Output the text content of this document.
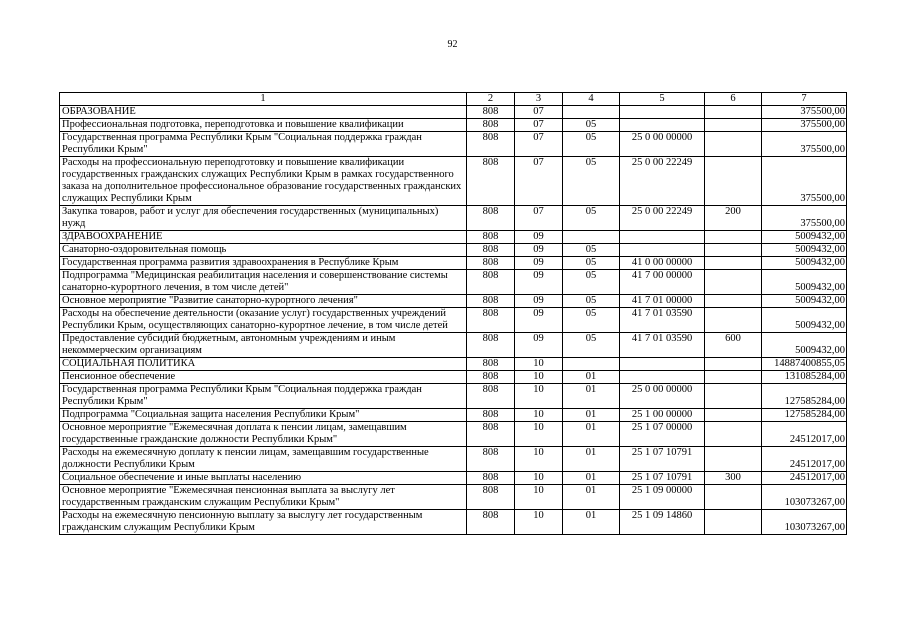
92
1	2	3	4	5	6	7
ОБРАЗОВАНИЕ	808	07				375500,00
Профессиональная подготовка, переподготовка и повышение квалификации	808	07	05			375500,00
Государственная программа Республики Крым "Социальная поддержка граждан Республики Крым"	808	07	05	25 0 00 00000		375500,00
Расходы на профессиональную переподготовку и повышение квалификации государственных гражданских служащих Республики Крым в рамках государственного заказа на дополнительное профессиональное образование государственных гражданских служащих Республики Крым	808	07	05	25 0 00 22249		375500,00
Закупка товаров, работ и услуг для обеспечения государственных (муниципальных) нужд	808	07	05	25 0 00 22249	200	375500,00
ЗДРАВООХРАНЕНИЕ	808	09				5009432,00
Санаторно-оздоровительная помощь	808	09	05			5009432,00
Государственная программа развития здравоохранения в Республике Крым	808	09	05	41 0 00 00000		5009432,00
Подпрограмма "Медицинская реабилитация населения и совершенствование системы санаторно-курортного лечения, в том числе детей"	808	09	05	41 7 00 00000		5009432,00
Основное мероприятие "Развитие санаторно-курортного лечения"	808	09	05	41 7 01 00000		5009432,00
Расходы на обеспечение деятельности (оказание услуг) государственных учреждений Республики Крым, осуществляющих санаторно-курортное лечение, в том числе детей	808	09	05	41 7 01 03590		5009432,00
Предоставление субсидий бюджетным, автономным учреждениям и иным некоммерческим организациям	808	09	05	41 7 01 03590	600	5009432,00
СОЦИАЛЬНАЯ ПОЛИТИКА	808	10				14887400855,05
Пенсионное обеспечение	808	10	01			131085284,00
Государственная программа Республики Крым "Социальная поддержка граждан Республики Крым"	808	10	01	25 0 00 00000		127585284,00
Подпрограмма "Социальная защита населения Республики Крым"	808	10	01	25 1 00 00000		127585284,00
Основное мероприятие "Ежемесячная доплата к пенсии лицам, замещавшим государственные гражданские должности Республики Крым"	808	10	01	25 1 07 00000		24512017,00
Расходы на ежемесячную доплату к пенсии лицам, замещавшим государственные должности Республики Крым	808	10	01	25 1 07 10791		24512017,00
Социальное обеспечение и иные выплаты населению	808	10	01	25 1 07 10791	300	24512017,00
Основное мероприятие "Ежемесячная пенсионная выплата за выслугу лет государственным гражданским служащим Республики Крым"	808	10	01	25 1 09 00000		103073267,00
Расходы на ежемесячную пенсионную выплату за выслугу лет государственным гражданским служащим Республики Крым	808	10	01	25 1 09 14860		103073267,00
